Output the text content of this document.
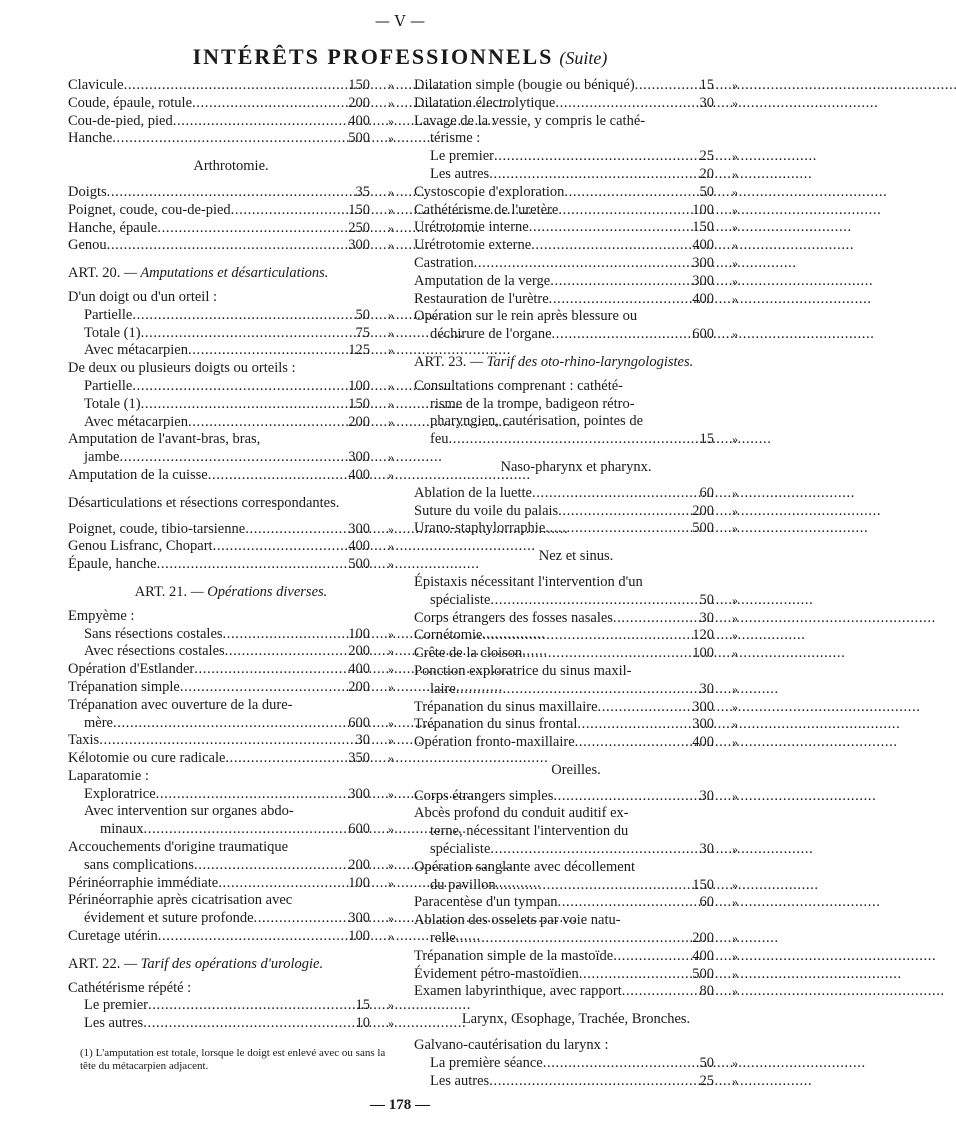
— V —
INTÉRÊTS PROFESSIONNELS (Suite)
Clavicule . . .	150	»
Coude, épaule, rotule . . .	200	»
Cou-de-pied, pied . . .	400	»
Hanche . . .	500	»
Arthrotomie.
Doigts . . .	35	»
Poignet, coude, cou-de-pied . . .	150	»
Hanche, épaule . . .	250	»
Genou . . .	300	»
ART. 20. — Amputations et désarticulations.
D'un doigt ou d'un orteil :
Partielle . . .	50	»
Totale (1) . . .	75	»
Avec métacarpien . . .	125	»
De deux ou plusieurs doigts ou orteils :
Partielle . . .	100	»
Totale (1) . . .	150	»
Avec métacarpien . . .	200	»
Amputation de l'avant-bras, bras,
jambe . . .	300	»
Amputation de la cuisse . . .	400	»
Désarticulations et résections correspondantes.
Poignet, coude, tibio-tarsienne . . .	300	»
Genou Lisfranc, Chopart . . .	400	»
Épaule, hanche . . .	500	»
ART. 21. — Opérations diverses.
Empyème :
Sans résections costales . . .	100	»
Avec résections costales . . .	200	»
Opération d'Estlander . . .	400	»
Trépanation simple . . .	200	»
Trépanation avec ouverture de la dure-
mère . . .	600	»
Taxis . . .	30	»
Kélotomie ou cure radicale . . .	350	»
Laparatomie :
Exploratrice . . .	300	»
Avec intervention sur organes abdo-
minaux . . .	600	»
Accouchements d'origine traumatique
sans complications . . .	200	»
Périnéorraphie immédiate . . .	100	»
Périnéorraphie après cicatrisation avec
évidement et suture profonde . . .	300	»
Curetage utérin . . .	100	»
ART. 22. — Tarif des opérations d'urologie.
Cathétérisme répété :
Le premier . . .	15	»
Les autres . . .	10	»
(1) L'amputation est totale, lorsque le doigt est enlevé avec ou sans la tête du métacarpien adjacent.
Dilatation simple (bougie ou béniqué) . . .	15	»
Dilatation électrolytique . . .	30	»
Lavage de la vessie, y compris le cathé-
térisme :
Le premier . . .	25	»
Les autres . . .	20	»
Cystoscopie d'exploration . . .	50	»
Cathétérisme de l'uretère . . .	100	»
Urétrotomie interne . . .	150	»
Urétrotomie externe . . .	400	»
Castration . . .	300	»
Amputation de la verge . . .	300	»
Restauration de l'urètre . . .	400	»
Opération sur le rein après blessure ou
déchirure de l'organe . . .	600	»
ART. 23. — Tarif des oto-rhino-laryngologistes.
Consultations comprenant : cathété-
risme de la trompe, badigeon rétro-
pharyngien, cautérisation, pointes de
feu . . .	15	»
Naso-pharynx et pharynx.
Ablation de la luette . . .	60	»
Suture du voile du palais . . .	200	»
Urano-staphylorraphie . . .	500	»
Nez et sinus.
Épistaxis nécessitant l'intervention d'un
spécialiste . . .	50	»
Corps étrangers des fosses nasales . . .	30	»
Cornétomie . . .	120	»
Crête de la cloison . . .	100	»
Ponction exploratrice du sinus maxil-
laire . . .	30	»
Trépanation du sinus maxillaire . . .	300	»
Trépanation du sinus frontal . . .	300	»
Opération fronto-maxillaire . . .	400	»
Oreilles.
Corps étrangers simples . . .	30	»
Abcès profond du conduit auditif ex-
terne, nécessitant l'intervention du
spécialiste . . .	30	»
Opération sanglante avec décollement
du pavillon . . .	150	»
Paracentèse d'un tympan . . .	60	»
Ablation des osselets par voie natu-
relle . . .	200	»
Trépanation simple de la mastoïde . . .	400	»
Évidement pétro-mastoïdien . . .	500	»
Examen labyrinthique, avec rapport . . .	80	»
Larynx, Œsophage, Trachée, Bronches.
Galvano-cautérisation du larynx :
La première séance . . .	50	»
Les autres . . .	25	»
— 178 —
